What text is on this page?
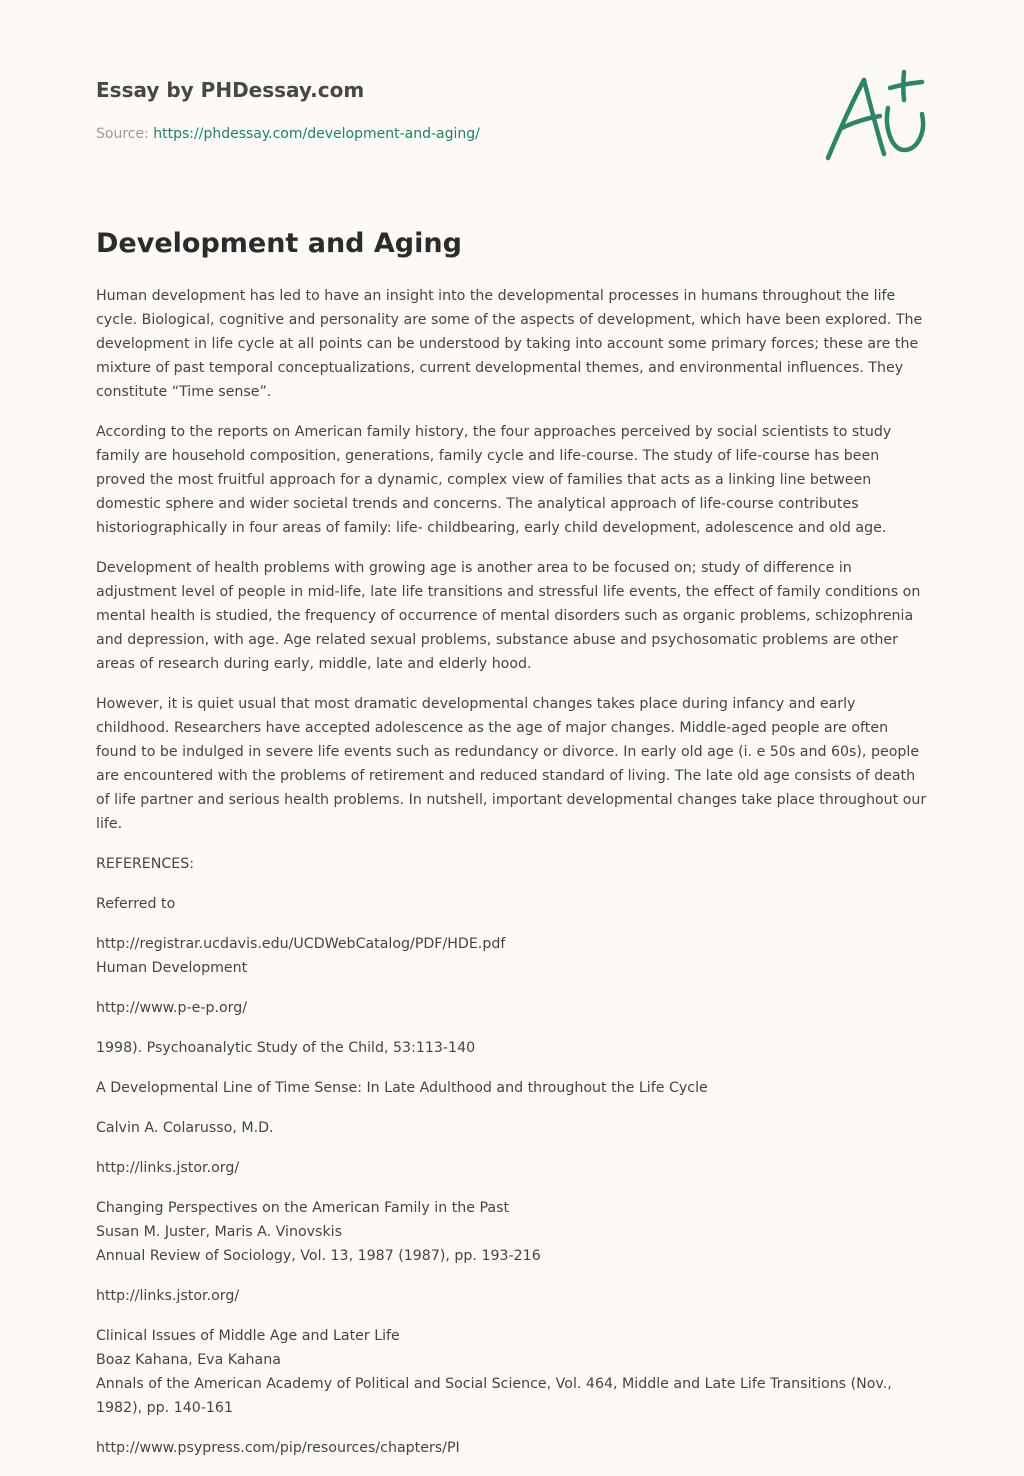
Essay by PHDessay.com
Source: https://phdessay.com/development-and-aging/
Development and Aging

Human development has led to have an insight into the developmental processes in humans throughout the life cycle. Biological, cognitive and personality are some of the aspects of development, which have been explored. The development in life cycle at all points can be understood by taking into account some primary forces; these are the mixture of past temporal conceptualizations, current developmental themes, and environmental influences. They constitute “Time sense”.

According to the reports on American family history, the four approaches perceived by social scientists to study family are household composition, generations, family cycle and life-course. The study of life-course has been proved the most fruitful approach for a dynamic, complex view of families that acts as a linking line between domestic sphere and wider societal trends and concerns. The analytical approach of life-course contributes historiographically in four areas of family: life- childbearing, early child development, adolescence and old age.

Development of health problems with growing age is another area to be focused on; study of difference in adjustment level of people in mid-life, late life transitions and stressful life events, the effect of family conditions on mental health is studied, the frequency of occurrence of mental disorders such as organic problems, schizophrenia and depression, with age. Age related sexual problems, substance abuse and psychosomatic problems are other areas of research during early, middle, late and elderly hood.

However, it is quiet usual that most dramatic developmental changes takes place during infancy and early childhood. Researchers have accepted adolescence as the age of major changes. Middle-aged people are often found to be indulged in severe life events such as redundancy or divorce. In early old age (i. e 50s and 60s), people are encountered with the problems of retirement and reduced standard of living. The late old age consists of death of life partner and serious health problems. In nutshell, important developmental changes take place throughout our life.

REFERENCES:

Referred to

http://registrar.ucdavis.edu/UCDWebCatalog/PDF/HDE.pdf
Human Development

http://www.p-e-p.org/

1998). Psychoanalytic Study of the Child, 53:113-140

A Developmental Line of Time Sense: In Late Adulthood and throughout the Life Cycle

Calvin A. Colarusso, M.D.

http://links.jstor.org/

Changing Perspectives on the American Family in the Past
Susan M. Juster, Maris A. Vinovskis
Annual Review of Sociology, Vol. 13, 1987 (1987), pp. 193-216

http://links.jstor.org/

Clinical Issues of Middle Age and Later Life
Boaz Kahana, Eva Kahana
Annals of the American Academy of Political and Social Science, Vol. 464, Middle and Late Life Transitions (Nov., 1982), pp. 140-161

http://www.psypress.com/pip/resources/chapters/PI
